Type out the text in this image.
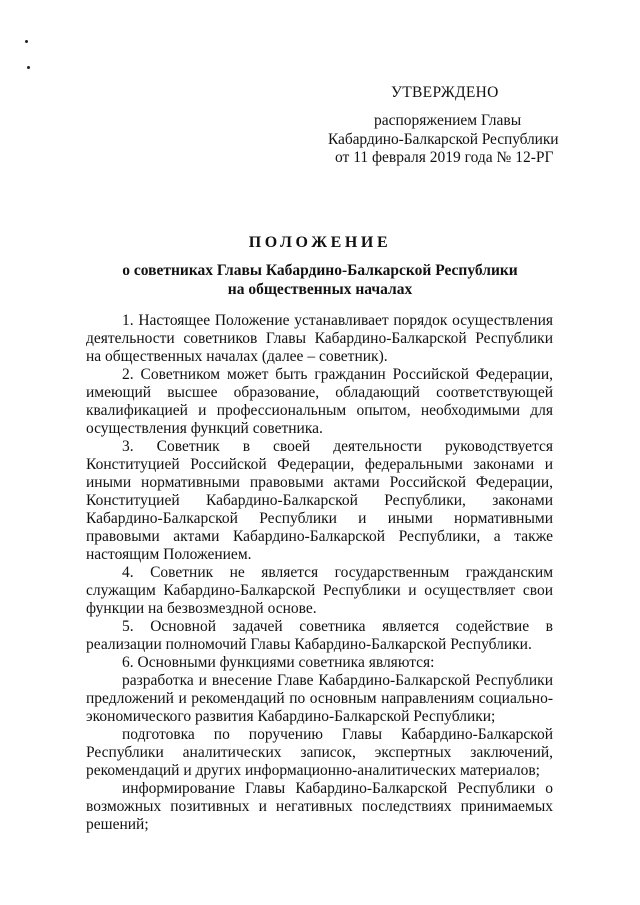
УТВЕРЖДЕНО
распоряжением Главы
Кабардино-Балкарской Республики
от 11 февраля 2019 года № 12-РГ
ПОЛОЖЕНИЕ
о советниках Главы Кабардино-Балкарской Республики
на общественных началах

1. Настоящее Положение устанавливает порядок осуществления деятельности советников Главы Кабардино-Балкарской Республики на общественных началах (далее – советник).

2. Советником может быть гражданин Российской Федерации, имеющий высшее образование, обладающий соответствующей квалификацией и профессиональным опытом, необходимыми для осуществления функций советника.

3. Советник в своей деятельности руководствуется Конституцией Российской Федерации, федеральными законами и иными нормативными правовыми актами Российской Федерации, Конституцией Кабардино-Балкарской Республики, законами Кабардино-Балкарской Республики и иными нормативными правовыми актами Кабардино-Балкарской Республики, а также настоящим Положением.

4. Советник не является государственным гражданским служащим Кабардино-Балкарской Республики и осуществляет свои функции на безвозмездной основе.

5. Основной задачей советника является содействие в реализации полномочий Главы Кабардино-Балкарской Республики.

6. Основными функциями советника являются:

разработка и внесение Главе Кабардино-Балкарской Республики предложений и рекомендаций по основным направлениям социально-экономического развития Кабардино-Балкарской Республики;

подготовка по поручению Главы Кабардино-Балкарской Республики аналитических записок, экспертных заключений, рекомендаций и других информационно-аналитических материалов;

информирование Главы Кабардино-Балкарской Республики о возможных позитивных и негативных последствиях принимаемых решений;
